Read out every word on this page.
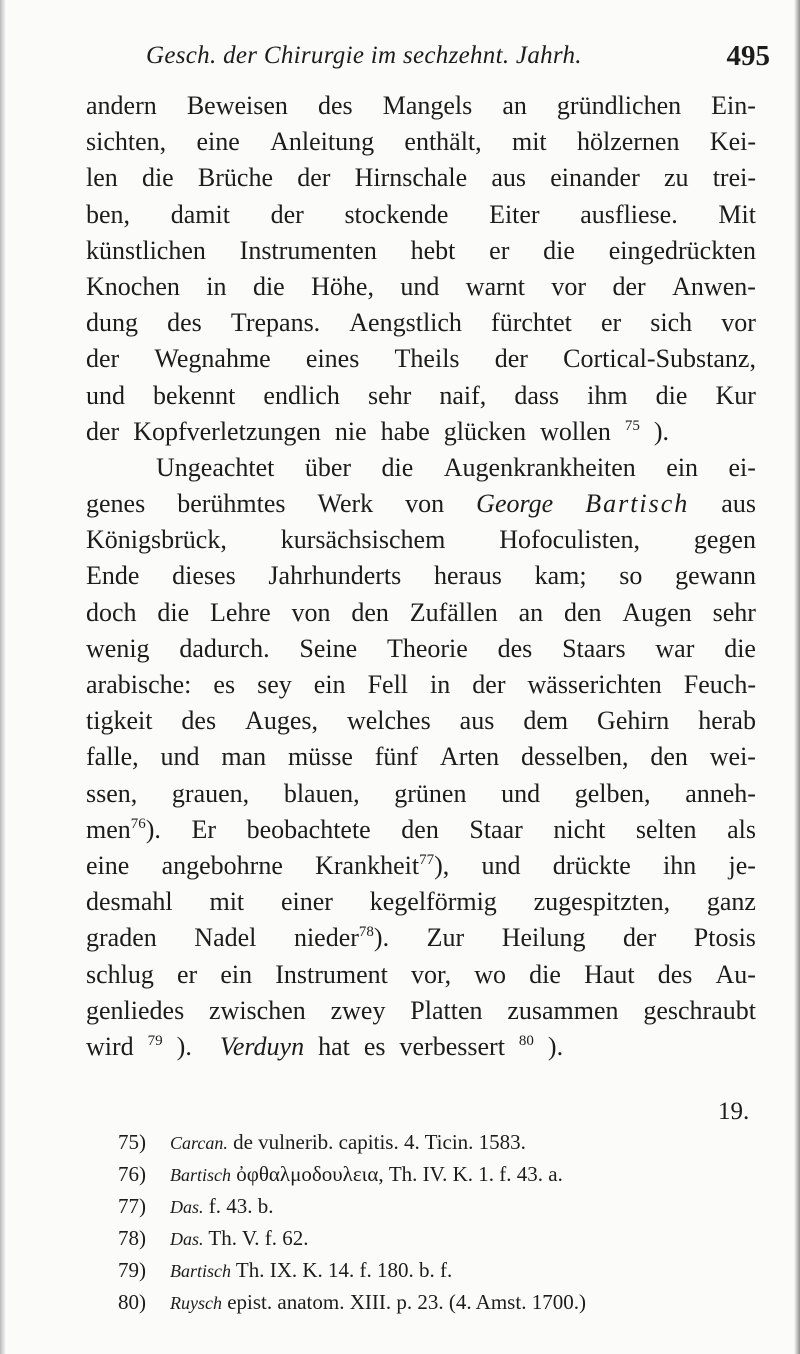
Gesch. der Chirurgie im sechzehnt. Jahrh.	495
andern Beweisen des Mangels an gründlichen Ein-
sichten, eine Anleitung enthält, mit hölzernen Kei-
len die Brüche der Hirnschale aus einander zu trei-
ben, damit der stockende Eiter ausfliese. Mit
künstlichen Instrumenten hebt er die eingedrückten
Knochen in die Höhe, und warnt vor der Anwen-
dung des Trepans. Aengstlich fürchtet er sich vor
der Wegnahme eines Theils der Cortical-Substanz,
und bekennt endlich sehr naif, dass ihm die Kur
der Kopfverletzungen nie habe glücken wollen $^{75}$ ).
Ungeachtet über die Augenkrankheiten ein ei-
genes berühmtes Werk von George Bartisch aus
Königsbrück, kursächsischem Hofoculisten, gegen
Ende dieses Jahrhunderts heraus kam; so gewann
doch die Lehre von den Zufällen an den Augen sehr
wenig dadurch. Seine Theorie des Staars war die
arabische: es sey ein Fell in der wässerichten Feuch-
tigkeit des Auges, welches aus dem Gehirn herab
falle, und man müsse fünf Arten desselben, den wei-
ssen, grauen, blauen, grünen und gelben, anneh-
men$^{76}$). Er beobachtete den Staar nicht selten als
eine angebohrne Krankheit$^{77}$), und drückte ihn je-
desmahl mit einer kegelförmig zugespitzten, ganz
graden Nadel nieder$^{78}$). Zur Heilung der Ptosis
schlug er ein Instrument vor, wo die Haut des Au-
genliedes zwischen zwey Platten zusammen geschraubt
wird $^{79}$ ).	Verduyn hat es verbessert $^{80}$ ).
19.
75) Carcan. de vulnerib. capitis. 4. Ticin. 1583.
76) Bartisch ὀφθαλμοδουλεια, Th. IV. K. 1. f. 43. a.
77) Das. f. 43. b.
78) Das. Th. V. f. 62.
79) Bartisch Th. IX. K. 14. f. 180. b. f.
80) Ruysch epist. anatom. XIII. p. 23. (4. Amst. 1700.)
